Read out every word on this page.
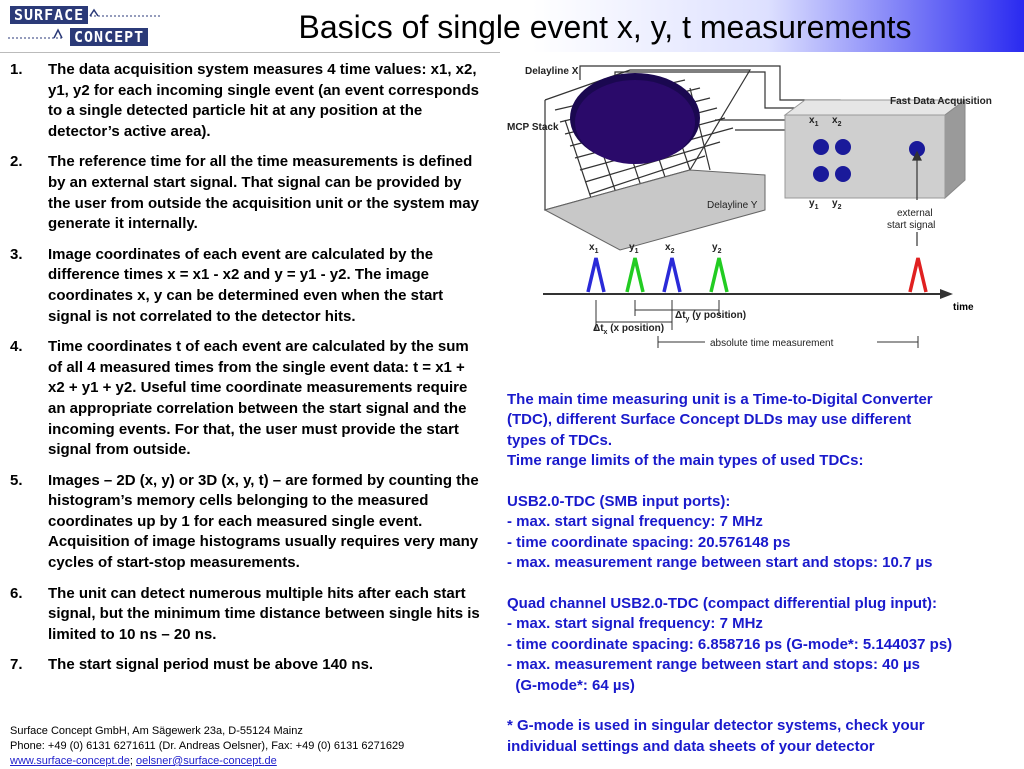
SURFACE
CONCEPT	Basics of single event x, y, t measurements
1. The data acquisition system measures 4 time values: x1, x2, y1, y2 for each incoming single event (an event corresponds to a single detected particle hit at any position at the detector’s active area).
2. The reference time for all the time measurements is defined by an external start signal. That signal can be provided by the user from outside the acquisition unit or the system may generate it internally.
3. Image coordinates of each event are calculated by the difference times x = x1 - x2 and y = y1 - y2. The image coordinates x, y can be determined even when the start signal is not correlated to the detector hits.
4. Time coordinates t of each event are calculated by the sum of all 4 measured times from the single event data: t = x1 + x2 + y1 + y2. Useful time coordinate measurements require an appropriate correlation between the start signal and the incoming events. For that, the user must provide the start signal from outside.
5. Images – 2D (x, y) or 3D (x, y, t) – are formed by counting the histogram’s memory cells belonging to the measured coordinates up by 1 for each measured single event. Acquisition of image histograms usually requires very many cycles of start-stop measurements.
6. The unit can detect numerous multiple hits after each start signal, but the minimum time distance between single hits is limited to 10 ns – 20 ns.
7. The start signal period must be above 140 ns.
Surface Concept GmbH, Am Sägewerk 23a, D-55124 Mainz
Phone: +49 (0) 6131 6271611 (Dr. Andreas Oelsner), Fax: +49 (0) 6131 6271629
www.surface-concept.de; oelsner@surface-concept.de
Delayline X
MCP Stack
Delayline Y
Fast Data Acquisition
$x_1$ $x_2$
$y_1$ $y_2$
external
start signal
time
$x_1$	$y_1$	$x_2$	$y_2$
$\Delta t_y$ (y position)
$\Delta t_x$ (x position)
absolute time measurement

The main time measuring unit is a Time-to-Digital Converter

(TDC), different Surface Concept DLDs may use different

types of TDCs.

Time range limits of the main types of used TDCs:

USB2.0-TDC (SMB input ports):

- max. start signal frequency: 7 MHz

- time coordinate spacing: 20.576148 ps

- max. measurement range between start and stops: 10.7 µs

Quad channel USB2.0-TDC (compact differential plug input):

- max. start signal frequency: 7 MHz

- time coordinate spacing: 6.858716 ps (G-mode*: 5.144037 ps)

- max. measurement range between start and stops: 40 µs

(G-mode*: 64 µs)

* G-mode is used in singular detector systems, check your

individual settings and data sheets of your detector
